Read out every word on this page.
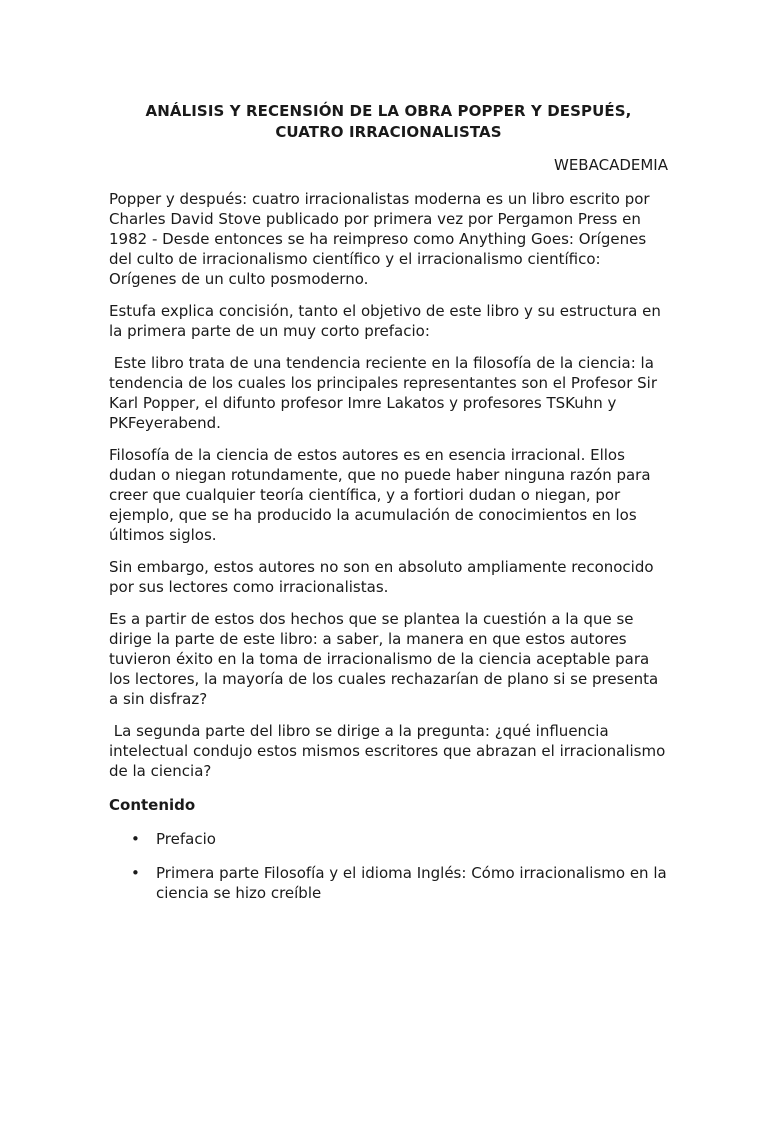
ANÁLISIS Y RECENSIÓN DE LA OBRA POPPER Y DESPUÉS,
CUATRO IRRACIONALISTAS
WEBACADEMIA

Popper y después: cuatro irracionalistas moderna es un libro escrito por Charles David Stove publicado por primera vez por Pergamon Press en 1982 - Desde entonces se ha reimpreso como Anything Goes: Orígenes del culto de irracionalismo científico y el irracionalismo científico: Orígenes de un culto posmoderno.

Estufa explica concisión, tanto el objetivo de este libro y su estructura en la primera parte de un muy corto prefacio:

Este libro trata de una tendencia reciente en la filosofía de la ciencia: la tendencia de los cuales los principales representantes son el Profesor Sir Karl Popper, el difunto profesor Imre Lakatos y profesores TSKuhn y PKFeyerabend.

Filosofía de la ciencia de estos autores es en esencia irracional. Ellos dudan o niegan rotundamente, que no puede haber ninguna razón para creer que cualquier teoría científica, y a fortiori dudan o niegan, por ejemplo, que se ha producido la acumulación de conocimientos en los últimos siglos.

Sin embargo, estos autores no son en absoluto ampliamente reconocido por sus lectores como irracionalistas.

Es a partir de estos dos hechos que se plantea la cuestión a la que se dirige la parte de este libro: a saber, la manera en que estos autores tuvieron éxito en la toma de irracionalismo de la ciencia aceptable para los lectores, la mayoría de los cuales rechazarían de plano si se presenta a sin disfraz?

La segunda parte del libro se dirige a la pregunta: ¿qué influencia intelectual condujo estos mismos escritores que abrazan el irracionalismo de la ciencia?

Contenido
• Prefacio
• Primera parte Filosofía y el idioma Inglés: Cómo irracionalismo en la ciencia se hizo creíble
